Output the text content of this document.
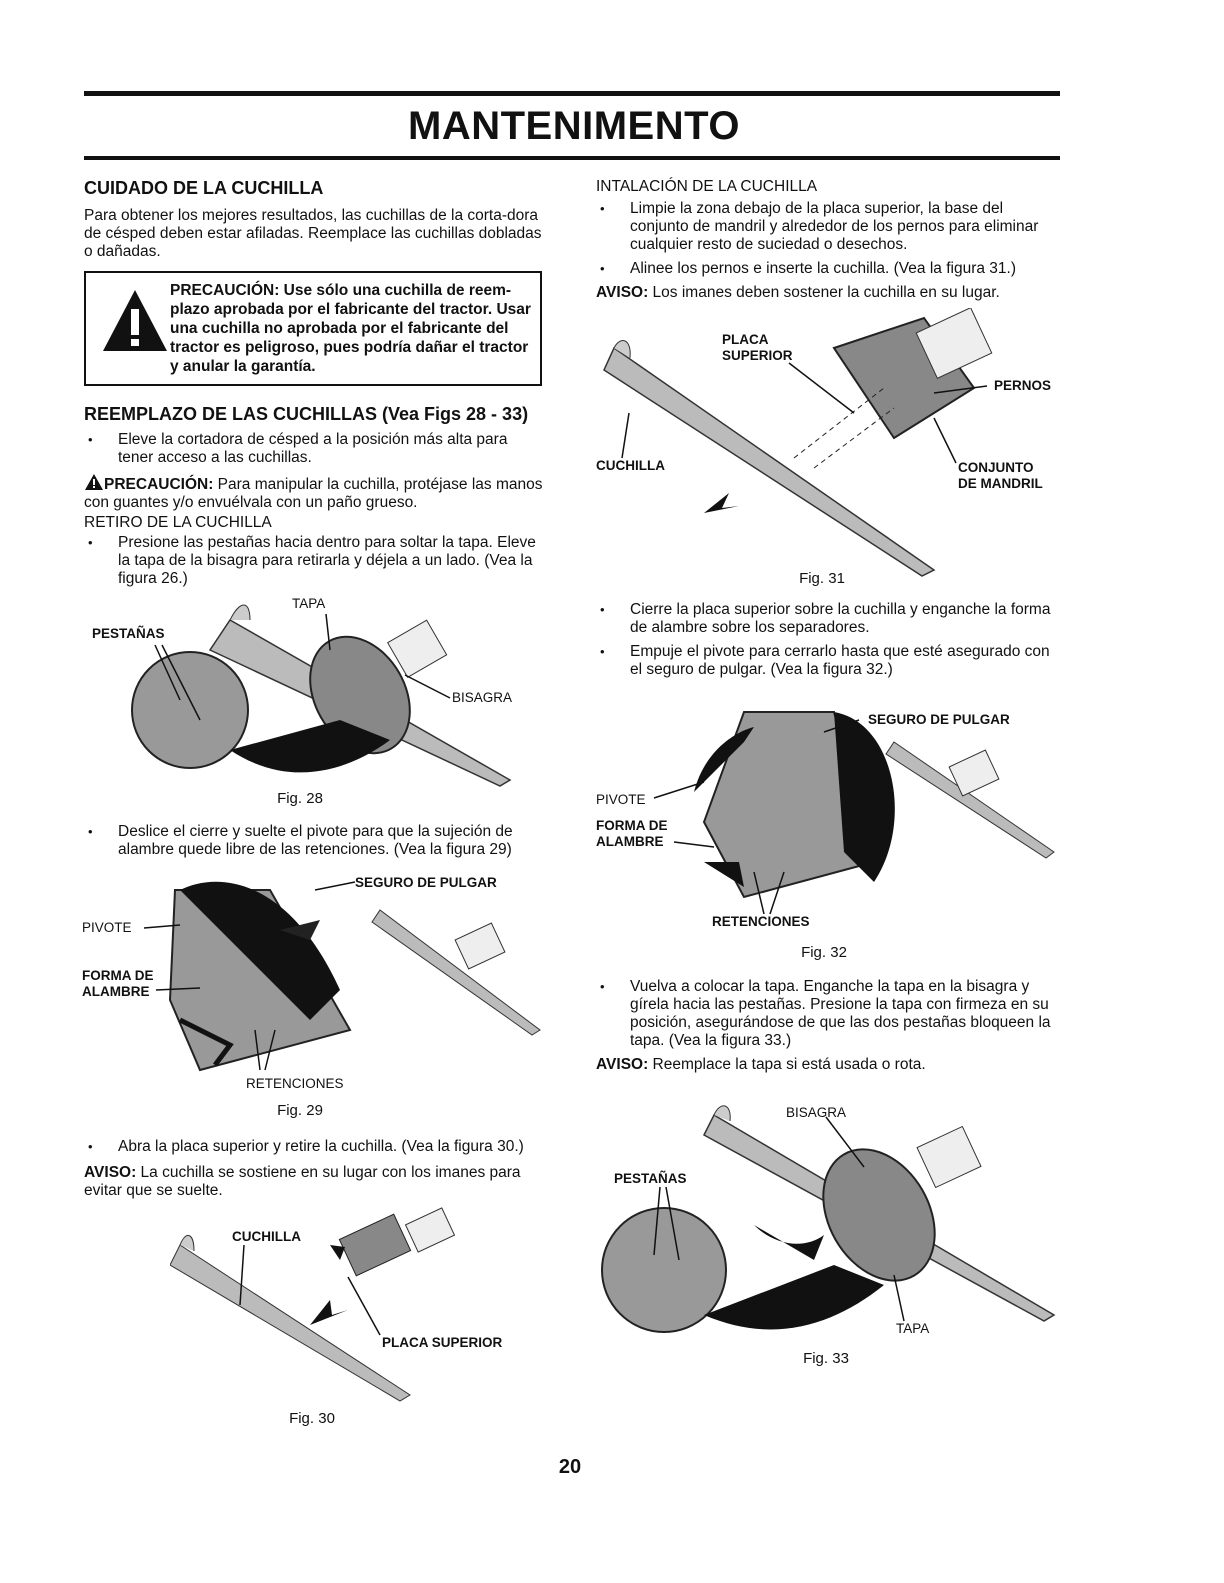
MANTENIMENTO

CUIDADO DE LA CUCHILLA

Para obtener los mejores resultados, las cuchillas de la corta-dora de césped deben estar afiladas. Reemplace las cuchillas dobladas o dañadas.

PRECAUCIÓN: Use sólo una cuchilla de reem-plazo aprobada por el fabricante del tractor. Usar una cuchilla no aprobada por el fabricante del tractor es peligroso, pues podría dañar el tractor y anular la garantía.

REEMPLAZO DE LAS CUCHILLAS (Vea Figs 28 - 33)

• Eleve la cortadora de césped a la posición más alta para tener acceso a las cuchillas.

PRECAUCIÓN: Para manipular la cuchilla, protéjase las manos con guantes y/o envuélvala con un paño grueso.

RETIRO DE LA CUCHILLA

• Presione las pestañas hacia dentro para soltar la tapa. Eleve la tapa de la bisagra para retirarla y déjela a un lado. (Vea la figura 26.)

TAPA
PESTAÑAS
BISAGRA
Fig. 28

• Deslice el cierre y suelte el pivote para que la sujeción de alambre quede libre de las retenciones. (Vea la figura 29)

SEGURO DE PULGAR
PIVOTE
FORMA DE
ALAMBRE
RETENCIONES
Fig. 29

• Abra la placa superior y retire la cuchilla. (Vea la figura 30.)

AVISO: La cuchilla se sostiene en su lugar con los imanes para evitar que se suelte.

CUCHILLA
PLACA SUPERIOR
Fig. 30

INTALACIÓN DE LA CUCHILLA

• Limpie la zona debajo de la placa superior, la base del conjunto de mandril y alrededor de los pernos para eliminar cualquier resto de suciedad o desechos.

• Alinee los pernos e inserte la cuchilla. (Vea la figura 31.)

AVISO: Los imanes deben sostener la cuchilla en su lugar.

PLACA
SUPERIOR
PERNOS
CUCHILLA	CONJUNTO
DE MANDRIL
Fig. 31

• Cierre la placa superior sobre la cuchilla y enganche la forma de alambre sobre los separadores.

• Empuje el pivote para cerrarlo hasta que esté asegurado con el seguro de pulgar. (Vea la figura 32.)

SEGURO DE PULGAR
PIVOTE
FORMA DE
ALAMBRE
RETENCIONES
Fig. 32

• Vuelva a colocar la tapa. Enganche la tapa en la bisagra y gírela hacia las pestañas. Presione la tapa con firmeza en su posición, asegurándose de que las dos pestañas bloqueen la tapa. (Vea la figura 33.)

AVISO: Reemplace la tapa si está usada o rota.

BISAGRA
PESTAÑAS
TAPA
Fig. 33
20
